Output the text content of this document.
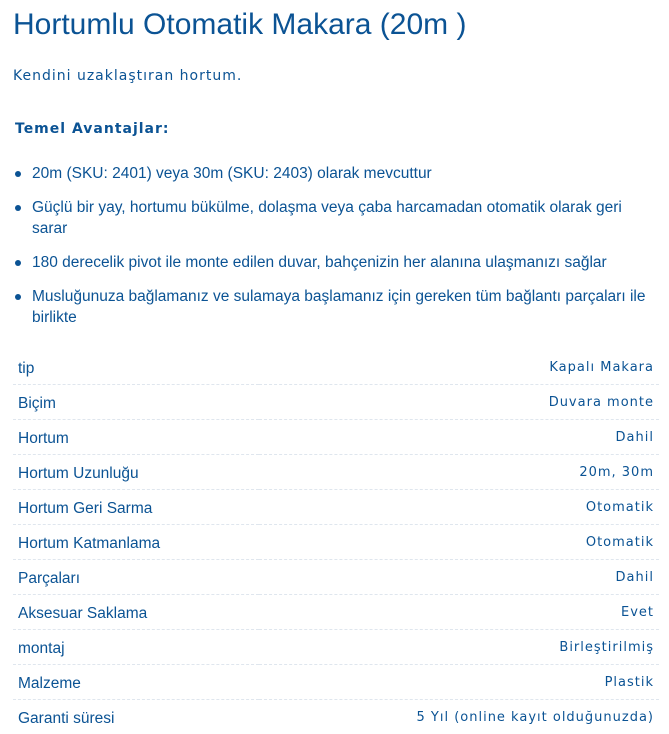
Hortumlu Otomatik Makara (20m )

Kendini uzaklaştıran hortum.

Temel Avantajlar:

20m (SKU: 2401) veya 30m (SKU: 2403) olarak mevcuttur
Güçlü bir yay, hortumu bükülme, dolaşma veya çaba harcamadan otomatik olarak geri sarar
180 derecelik pivot ile monte edilen duvar, bahçenizin her alanına ulaşmanızı sağlar
Musluğunuza bağlamanız ve sulamaya başlamanız için gereken tüm bağlantı parçaları ile birlikte
tip	Kapalı Makara
Biçim	Duvara monte
Hortum	Dahil
Hortum Uzunluğu	20m, 30m
Hortum Geri Sarma	Otomatik
Hortum Katmanlama	Otomatik
Parçaları	Dahil
Aksesuar Saklama	Evet
montaj	Birleştirilmiş
Malzeme	Plastik
Garanti süresi	5 Yıl (online kayıt olduğunuzda)
